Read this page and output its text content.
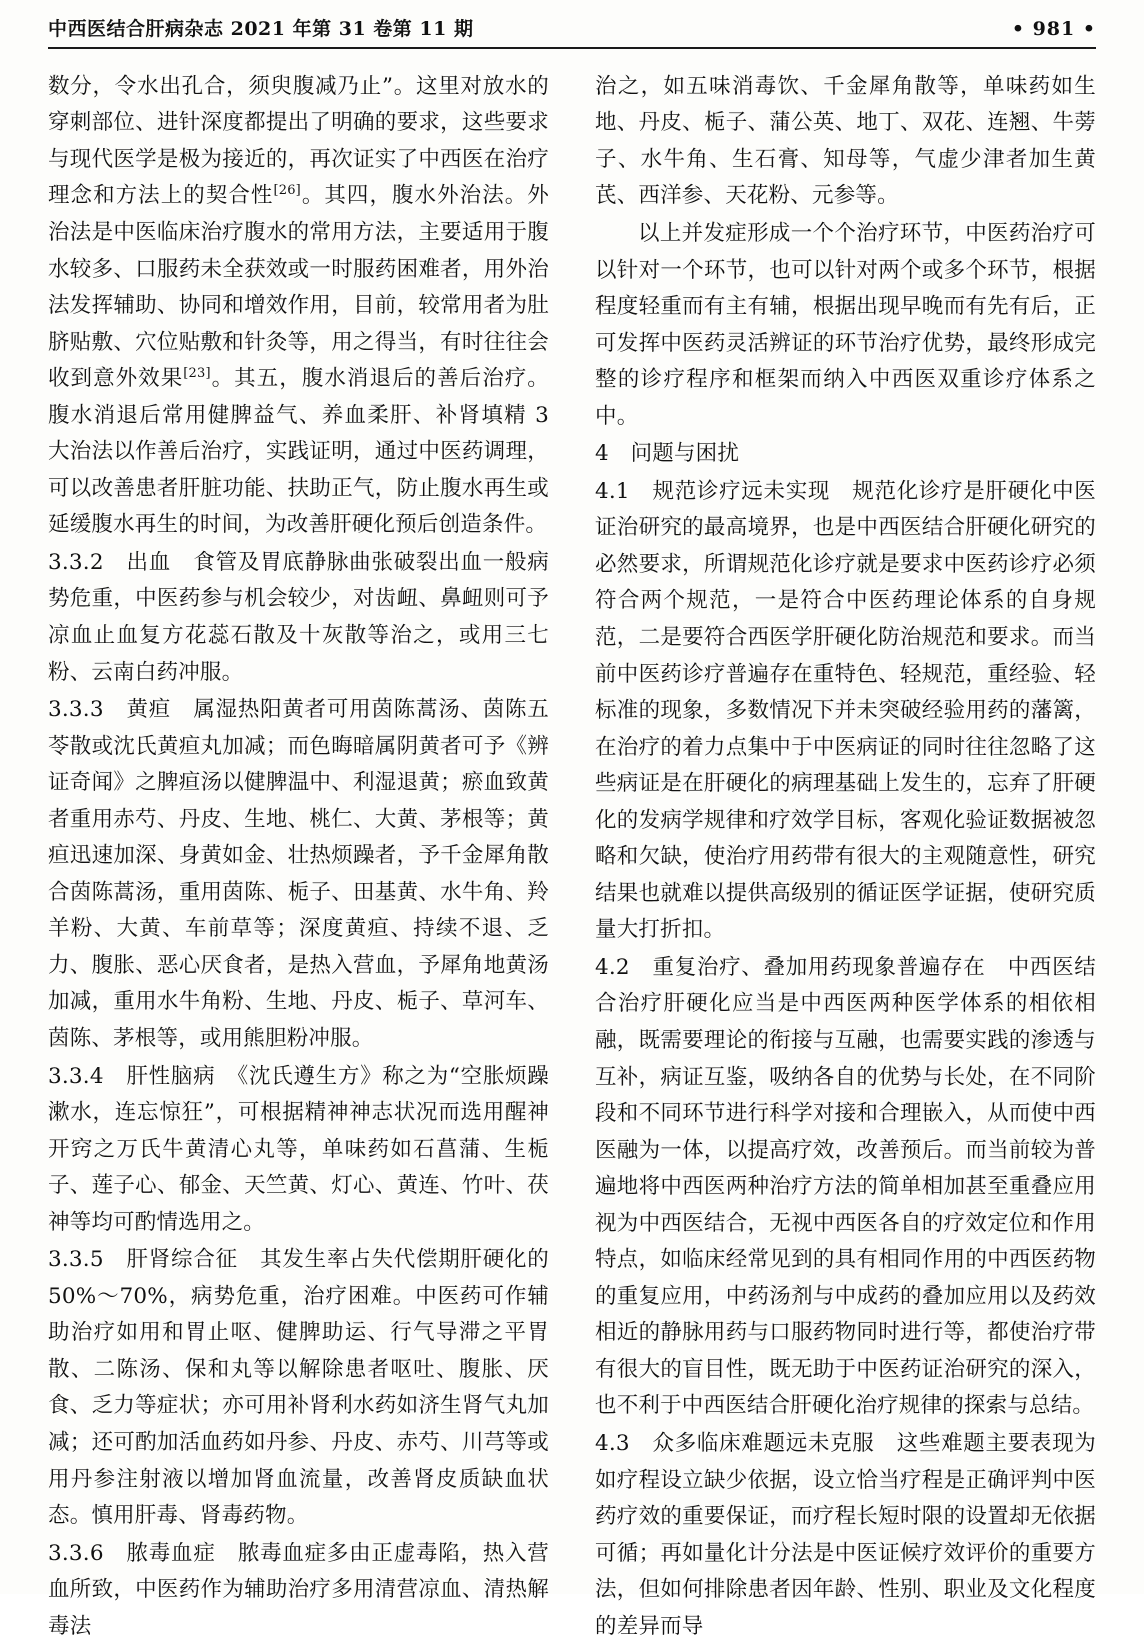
中西医结合肝病杂志 2021 年第 31 卷第 11 期	• 981 •

数分，令水出孔合，须臾腹减乃止”。这里对放水的穿刺部位、进针深度都提出了明确的要求，这些要求与现代医学是极为接近的，再次证实了中西医在治疗理念和方法上的契合性[26]。其四，腹水外治法。外治法是中医临床治疗腹水的常用方法，主要适用于腹水较多、口服药未全获效或一时服药困难者，用外治法发挥辅助、协同和增效作用，目前，较常用者为肚脐贴敷、穴位贴敷和针灸等，用之得当，有时往往会收到意外效果[23]。其五，腹水消退后的善后治疗。腹水消退后常用健脾益气、养血柔肝、补肾填精 3 大治法以作善后治疗，实践证明，通过中医药调理，可以改善患者肝脏功能、扶助正气，防止腹水再生或延缓腹水再生的时间，为改善肝硬化预后创造条件。

3.3.2　出血　食管及胃底静脉曲张破裂出血一般病势危重，中医药参与机会较少，对齿衄、鼻衄则可予凉血止血复方花蕊石散及十灰散等治之，或用三七粉、云南白药冲服。

3.3.3　黄疸　属湿热阳黄者可用茵陈蒿汤、茵陈五苓散或沈氏黄疸丸加减；而色晦暗属阴黄者可予《辨证奇闻》之脾疸汤以健脾温中、利湿退黄；瘀血致黄者重用赤芍、丹皮、生地、桃仁、大黄、茅根等；黄疸迅速加深、身黄如金、壮热烦躁者，予千金犀角散合茵陈蒿汤，重用茵陈、栀子、田基黄、水牛角、羚羊粉、大黄、车前草等；深度黄疸、持续不退、乏力、腹胀、恶心厌食者，是热入营血，予犀角地黄汤加减，重用水牛角粉、生地、丹皮、栀子、草河车、茵陈、茅根等，或用熊胆粉冲服。

3.3.4　肝性脑病　《沈氏遵生方》称之为“空胀烦躁漱水，连忘惊狂”，可根据精神神志状况而选用醒神开窍之万氏牛黄清心丸等，单味药如石菖蒲、生栀子、莲子心、郁金、天竺黄、灯心、黄连、竹叶、茯神等均可酌情选用之。

3.3.5　肝肾综合征　其发生率占失代偿期肝硬化的50%～70%，病势危重，治疗困难。中医药可作辅助治疗如用和胃止呕、健脾助运、行气导滞之平胃散、二陈汤、保和丸等以解除患者呕吐、腹胀、厌食、乏力等症状；亦可用补肾利水药如济生肾气丸加减；还可酌加活血药如丹参、丹皮、赤芍、川芎等或用丹参注射液以增加肾血流量，改善肾皮质缺血状态。慎用肝毒、肾毒药物。

3.3.6　脓毒血症　脓毒血症多由正虚毒陷，热入营血所致，中医药作为辅助治疗多用清营凉血、清热解毒法

治之，如五味消毒饮、千金犀角散等，单味药如生地、丹皮、栀子、蒲公英、地丁、双花、连翘、牛蒡子、水牛角、生石膏、知母等，气虚少津者加生黄芪、西洋参、天花粉、元参等。

以上并发症形成一个个治疗环节，中医药治疗可以针对一个环节，也可以针对两个或多个环节，根据程度轻重而有主有辅，根据出现早晚而有先有后，正可发挥中医药灵活辨证的环节治疗优势，最终形成完整的诊疗程序和框架而纳入中西医双重诊疗体系之中。

4　问题与困扰

4.1　规范诊疗远未实现　规范化诊疗是肝硬化中医证治研究的最高境界，也是中西医结合肝硬化研究的必然要求，所谓规范化诊疗就是要求中医药诊疗必须符合两个规范，一是符合中医药理论体系的自身规范，二是要符合西医学肝硬化防治规范和要求。而当前中医药诊疗普遍存在重特色、轻规范，重经验、轻标准的现象，多数情况下并未突破经验用药的藩篱，在治疗的着力点集中于中医病证的同时往往忽略了这些病证是在肝硬化的病理基础上发生的，忘弃了肝硬化的发病学规律和疗效学目标，客观化验证数据被忽略和欠缺，使治疗用药带有很大的主观随意性，研究结果也就难以提供高级别的循证医学证据，使研究质量大打折扣。

4.2　重复治疗、叠加用药现象普遍存在　中西医结合治疗肝硬化应当是中西医两种医学体系的相依相融，既需要理论的衔接与互融，也需要实践的渗透与互补，病证互鉴，吸纳各自的优势与长处，在不同阶段和不同环节进行科学对接和合理嵌入，从而使中西医融为一体，以提高疗效，改善预后。而当前较为普遍地将中西医两种治疗方法的简单相加甚至重叠应用视为中西医结合，无视中西医各自的疗效定位和作用特点，如临床经常见到的具有相同作用的中西医药物的重复应用，中药汤剂与中成药的叠加应用以及药效相近的静脉用药与口服药物同时进行等，都使治疗带有很大的盲目性，既无助于中医药证治研究的深入，也不利于中西医结合肝硬化治疗规律的探索与总结。

4.3　众多临床难题远未克服　这些难题主要表现为如疗程设立缺少依据，设立恰当疗程是正确评判中医药疗效的重要保证，而疗程长短时限的设置却无依据可循；再如量化计分法是中医证候疗效评价的重要方法，但如何排除患者因年龄、性别、职业及文化程度的差异而导
